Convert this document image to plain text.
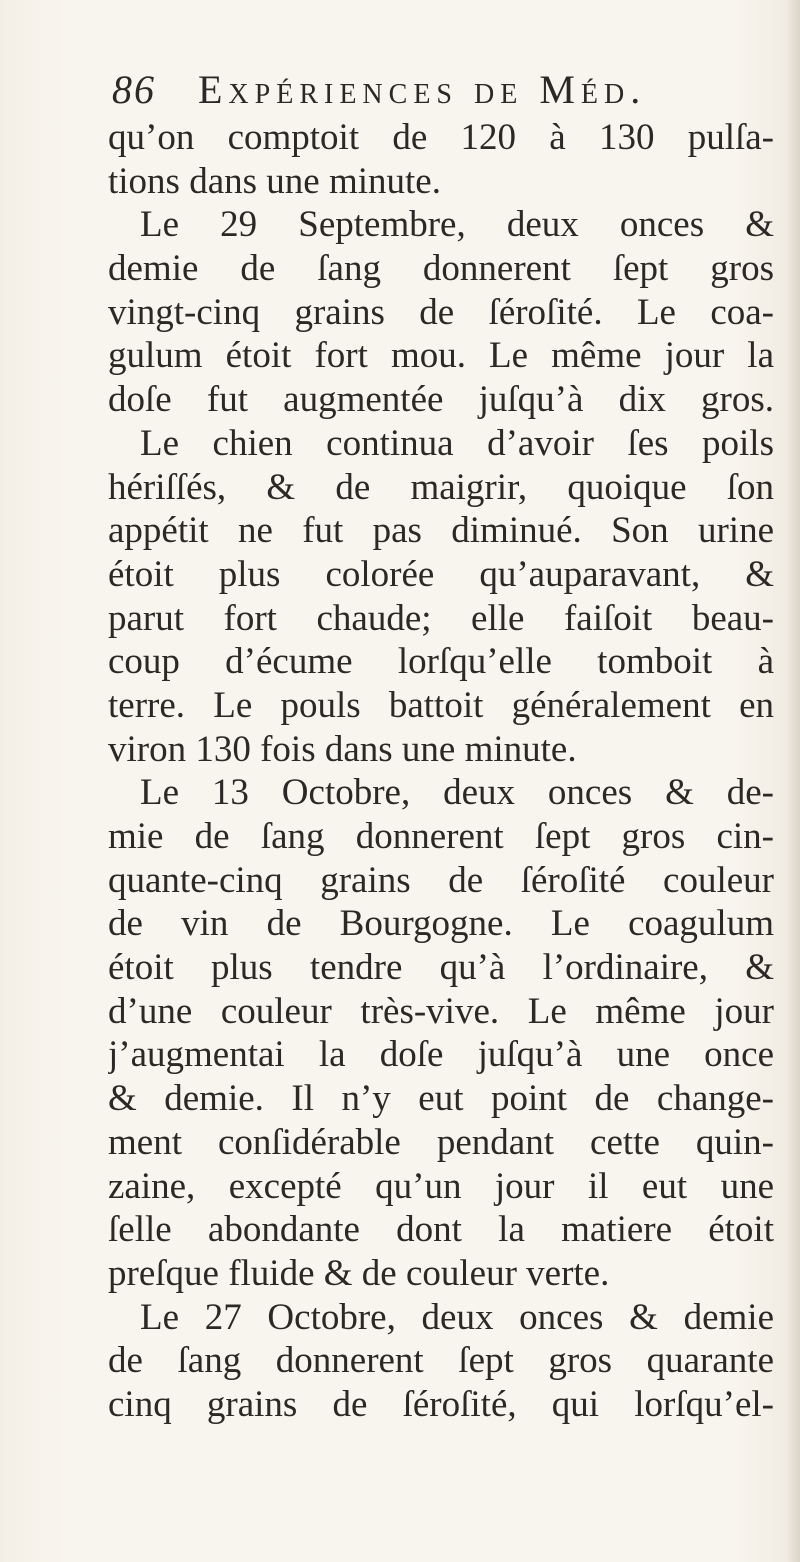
86 Expériences de Méd.
qu’on comptoit de 120 à 130 pulſa-
tions dans une minute.
Le 29 Septembre, deux onces &
demie de ſang donnerent ſept gros
vingt-cinq grains de ſéroſité. Le coa-
gulum étoit fort mou. Le même jour la
doſe fut augmentée juſqu’à dix gros.
Le chien continua d’avoir ſes poils
hériſſés, & de maigrir, quoique ſon
appétit ne fut pas diminué. Son urine
étoit plus colorée qu’auparavant, &
parut fort chaude; elle faiſoit beau-
coup d’écume lorſqu’elle tomboit à
terre. Le pouls battoit généralement en
viron 130 fois dans une minute.
Le 13 Octobre, deux onces & de-
mie de ſang donnerent ſept gros cin-
quante-cinq grains de ſéroſité couleur
de vin de Bourgogne. Le coagulum
étoit plus tendre qu’à l’ordinaire, &
d’une couleur très-vive. Le même jour
j’augmentai la doſe juſqu’à une once
& demie. Il n’y eut point de change-
ment conſidérable pendant cette quin-
zaine, excepté qu’un jour il eut une
ſelle abondante dont la matiere étoit
preſque fluide & de couleur verte.
Le 27 Octobre, deux onces & demie
de ſang donnerent ſept gros quarante
cinq grains de ſéroſité, qui lorſqu’el-
